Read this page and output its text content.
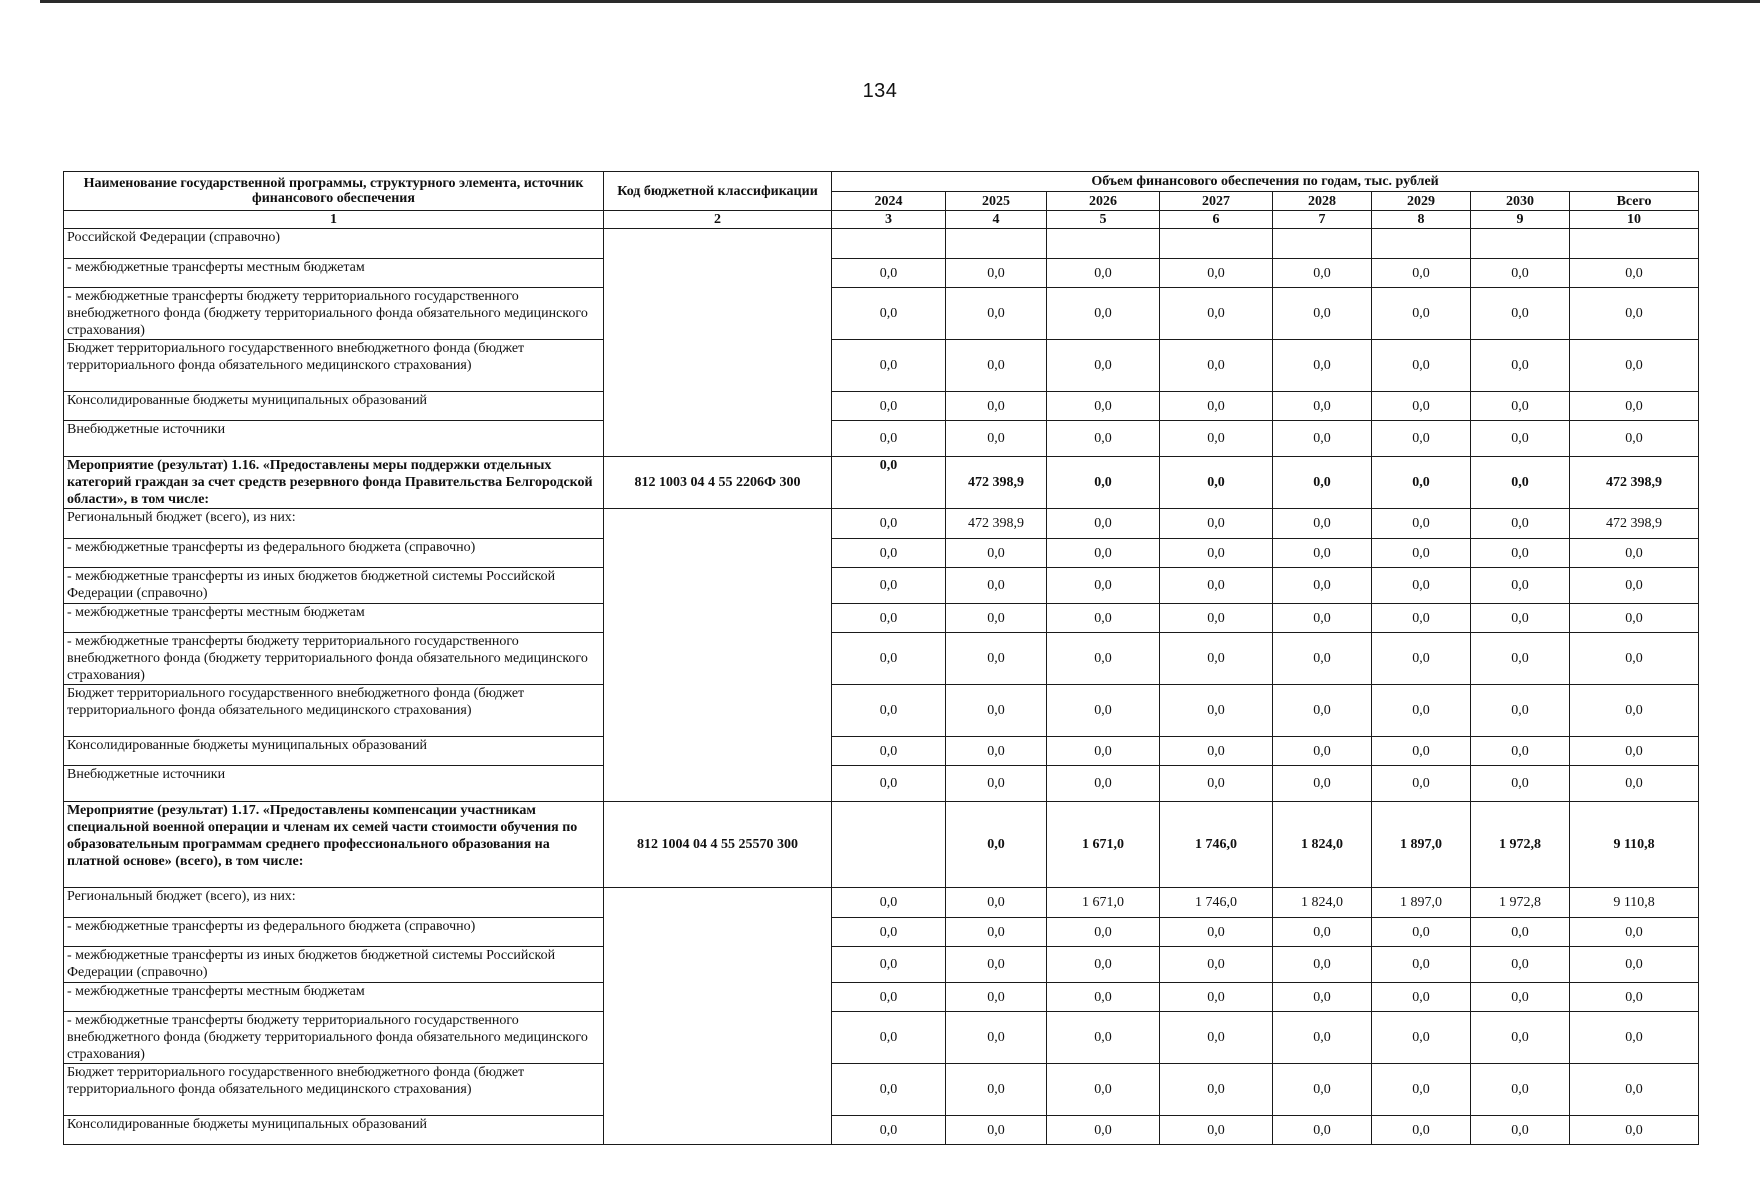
134
Наименование государственной программы, структурного элемента, источник финансового обеспечения	Код бюджетной классификации	Объем финансового обеспечения по годам, тыс. рублей							
		2024	2025	2026	2027	2028	2029	2030	Всего
1	2	3	4	5	6	7	8	9	10
Российской Федерации (справочно)									
- межбюджетные трансферты местным бюджетам		0,0	0,0	0,0	0,0	0,0	0,0	0,0	0,0
- межбюджетные трансферты бюджету территориального государственного внебюджетного фонда (бюджету территориального фонда обязательного медицинского страхования)		0,0	0,0	0,0	0,0	0,0	0,0	0,0	0,0
Бюджет территориального государственного внебюджетного фонда (бюджет территориального фонда обязательного медицинского страхования)		0,0	0,0	0,0	0,0	0,0	0,0	0,0	0,0
Консолидированные бюджеты муниципальных образований		0,0	0,0	0,0	0,0	0,0	0,0	0,0	0,0
Внебюджетные источники		0,0	0,0	0,0	0,0	0,0	0,0	0,0	0,0
Мероприятие (результат) 1.16. «Предоставлены меры поддержки отдельных категорий граждан за счет средств резервного фонда Правительства Белгородской области», в том числе:	812 1003 04 4 55 2206Ф 300	0,0	472 398,9	0,0	0,0	0,0	0,0	0,0	472 398,9
Региональный бюджет (всего), из них:		0,0	472 398,9	0,0	0,0	0,0	0,0	0,0	472 398,9
- межбюджетные трансферты из федерального бюджета (справочно)		0,0	0,0	0,0	0,0	0,0	0,0	0,0	0,0
- межбюджетные трансферты из иных бюджетов бюджетной системы Российской Федерации (справочно)		0,0	0,0	0,0	0,0	0,0	0,0	0,0	0,0
- межбюджетные трансферты местным бюджетам		0,0	0,0	0,0	0,0	0,0	0,0	0,0	0,0
- межбюджетные трансферты бюджету территориального государственного внебюджетного фонда (бюджету территориального фонда обязательного медицинского страхования)		0,0	0,0	0,0	0,0	0,0	0,0	0,0	0,0
Бюджет территориального государственного внебюджетного фонда (бюджет территориального фонда обязательного медицинского страхования)		0,0	0,0	0,0	0,0	0,0	0,0	0,0	0,0
Консолидированные бюджеты муниципальных образований		0,0	0,0	0,0	0,0	0,0	0,0	0,0	0,0
Внебюджетные источники		0,0	0,0	0,0	0,0	0,0	0,0	0,0	0,0
Мероприятие (результат) 1.17. «Предоставлены компенсации участникам специальной военной операции и членам их семей части стоимости обучения по образовательным программам среднего профессионального образования на платной основе» (всего), в том числе:	812 1004 04 4 55 25570 300		0,0	1 671,0	1 746,0	1 824,0	1 897,0	1 972,8	9 110,8
Региональный бюджет (всего), из них:		0,0	0,0	1 671,0	1 746,0	1 824,0	1 897,0	1 972,8	9 110,8
- межбюджетные трансферты из федерального бюджета (справочно)		0,0	0,0	0,0	0,0	0,0	0,0	0,0	0,0
- межбюджетные трансферты из иных бюджетов бюджетной системы Российской Федерации (справочно)		0,0	0,0	0,0	0,0	0,0	0,0	0,0	0,0
- межбюджетные трансферты местным бюджетам		0,0	0,0	0,0	0,0	0,0	0,0	0,0	0,0
- межбюджетные трансферты бюджету территориального государственного внебюджетного фонда (бюджету территориального фонда обязательного медицинского страхования)		0,0	0,0	0,0	0,0	0,0	0,0	0,0	0,0
Бюджет территориального государственного внебюджетного фонда (бюджет территориального фонда обязательного медицинского страхования)		0,0	0,0	0,0	0,0	0,0	0,0	0,0	0,0
Консолидированные бюджеты муниципальных образований		0,0	0,0	0,0	0,0	0,0	0,0	0,0	0,0
